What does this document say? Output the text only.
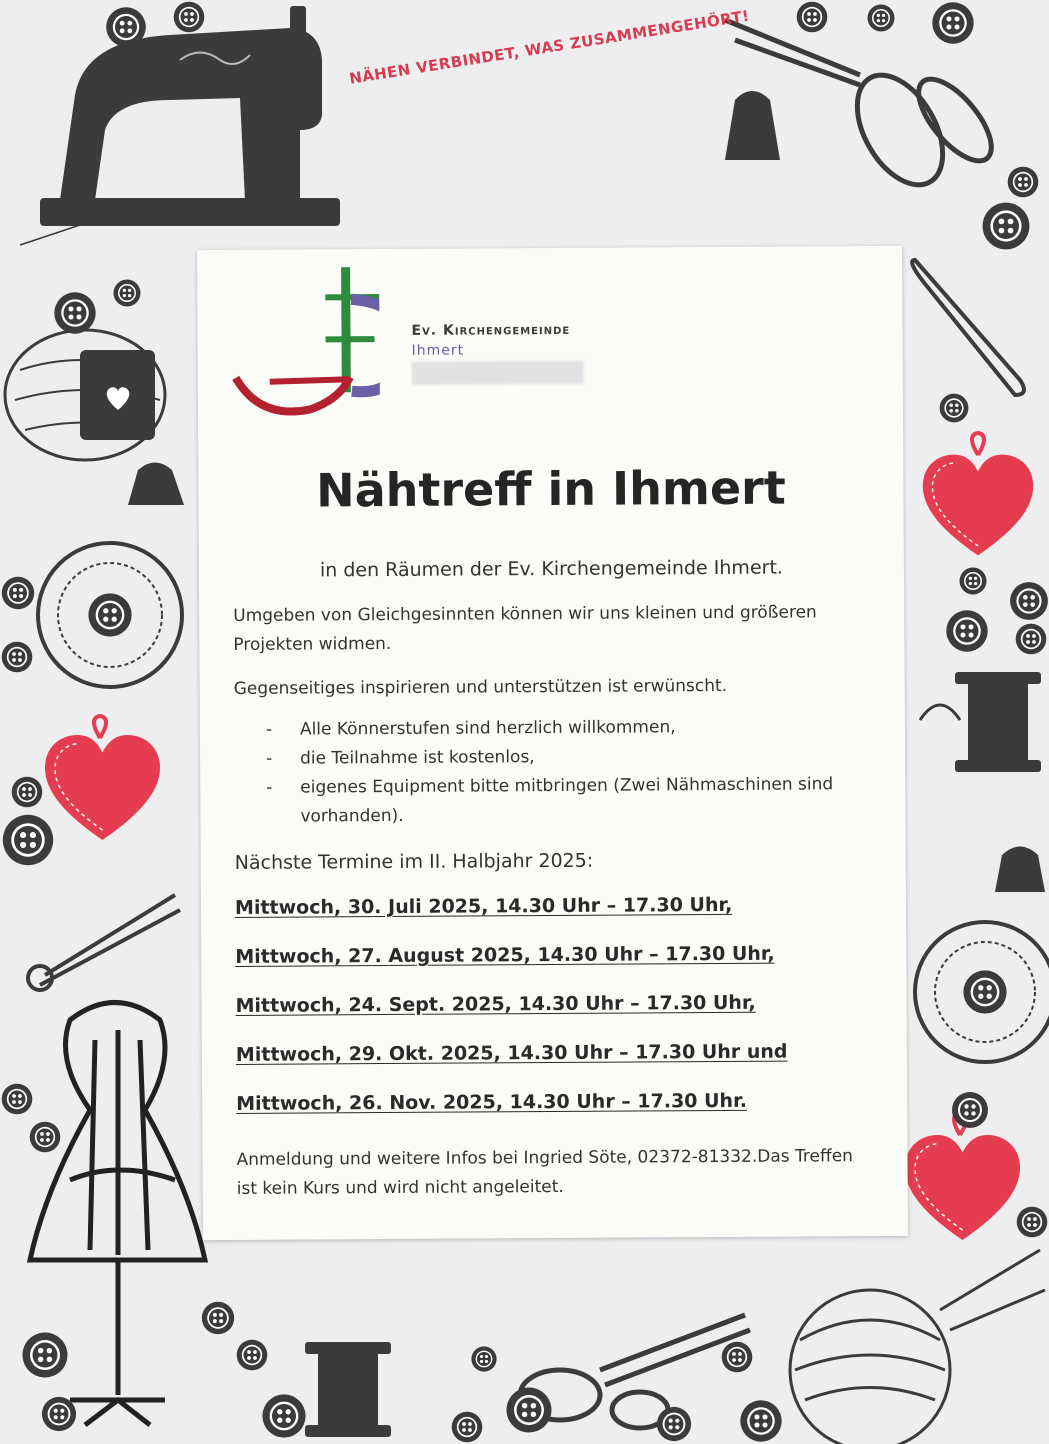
NÄHEN VERBINDET, WAS ZUSAMMENGEHÖRT!
Ev. Kirchengemeinde
Ihmert
Nähtreff in Ihmert
in den Räumen der Ev. Kirchengemeinde Ihmert.
Umgeben von Gleichgesinnten können wir uns kleinen und größeren Projekten widmen.
Gegenseitiges inspirieren und unterstützen ist erwünscht.
- Alle Könnerstufen sind herzlich willkommen,
- die Teilnahme ist kostenlos,
- eigenes Equipment bitte mitbringen (Zwei Nähmaschinen sind vorhanden).
Nächste Termine im II. Halbjahr 2025:
Mittwoch, 30. Juli 2025, 14.30 Uhr – 17.30 Uhr,
Mittwoch, 27. August 2025, 14.30 Uhr – 17.30 Uhr,
Mittwoch, 24. Sept. 2025, 14.30 Uhr – 17.30 Uhr,
Mittwoch, 29. Okt. 2025, 14.30 Uhr – 17.30 Uhr und
Mittwoch, 26. Nov. 2025, 14.30 Uhr – 17.30 Uhr.
Anmeldung und weitere Infos bei Ingried Söte, 02372-81332.Das Treffen ist kein Kurs und wird nicht angeleitet.
